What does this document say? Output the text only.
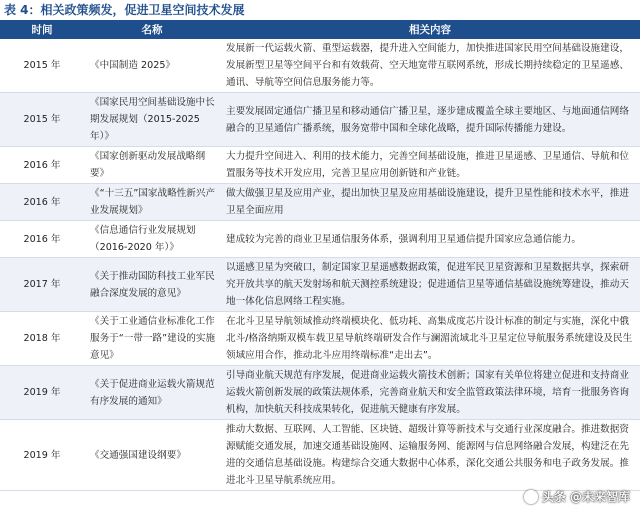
表 4：相关政策频发，促进卫星空间技术发展
时间	名称	相关内容
2015 年	《中国制造 2025》	发展新一代运载火箭、重型运载器，提升进入空间能力，加快推进国家民用空间基础设施建设，发展新型卫星等空间平台和有效载荷、空天地宽带互联网系统，形成长期持续稳定的卫星遥感、通讯、导航等空间信息服务能力等。
2015 年	《国家民用空间基础设施中长期发展规划（2015-2025 年）》	主要发展固定通信广播卫星和移动通信广播卫星，逐步建成覆盖全球主要地区、与地面通信网络融合的卫星通信广播系统，服务宽带中国和全球化战略，提升国际传播能力建设。
2016 年	《国家创新驱动发展战略纲要》	大力提升空间进入、利用的技术能力，完善空间基础设施，推进卫星遥感、卫星通信、导航和位置服务等技术开发应用，完善卫星应用创新链和产业链。
2016 年	《“十三五”国家战略性新兴产业发展规划》	做大做强卫星及应用产业，提出加快卫星及应用基础设施建设，提升卫星性能和技术水平，推进卫星全面应用
2016 年	《信息通信行业发展规划（2016-2020 年）》	建成较为完善的商业卫星通信服务体系，强调利用卫星通信提升国家应急通信能力。
2017 年	《关于推动国防科技工业军民融合深度发展的意见》	以遥感卫星为突破口，制定国家卫星遥感数据政策，促进军民卫星资源和卫星数据共享，探索研究开放共享的航天发射场和航天测控系统建设；促进通信卫星等通信基础设施统筹建设，推动天地一体化信息网络工程实施。
2018 年	《关于工业通信业标准化工作服务于“一带一路”建设的实施意见》	在北斗卫星导航领域推动终端模块化、低功耗、高集成度芯片设计标准的制定与实施，深化中俄北斗/格洛纳斯双模车载卫星导航终端研发合作与澜湄流域北斗卫星定位导航服务系统建设及民生领域应用合作，推动北斗应用终端标准“走出去”。
2019 年	《关于促进商业运载火箭规范有序发展的通知》	引导商业航天规范有序发展，促进商业运载火箭技术创新；国家有关单位将建立促进和支持商业运载火箭创新发展的政策法规体系，完善商业航天和安全监管政策法律环境，培育一批服务咨询机构，加快航天科技成果转化，促进航天健康有序发展。
2019 年	《交通强国建设纲要》	推动大数据、互联网、人工智能、区块链、超级计算等新技术与交通行业深度融合。推进数据资源赋能交通发展，加速交通基础设施网、运输服务网、能源网与信息网络融合发展，构建泛在先进的交通信息基础设施。构建综合交通大数据中心体系，深化交通公共服务和电子政务发展。推进北斗卫星导航系统应用。
头条 @未来智库
